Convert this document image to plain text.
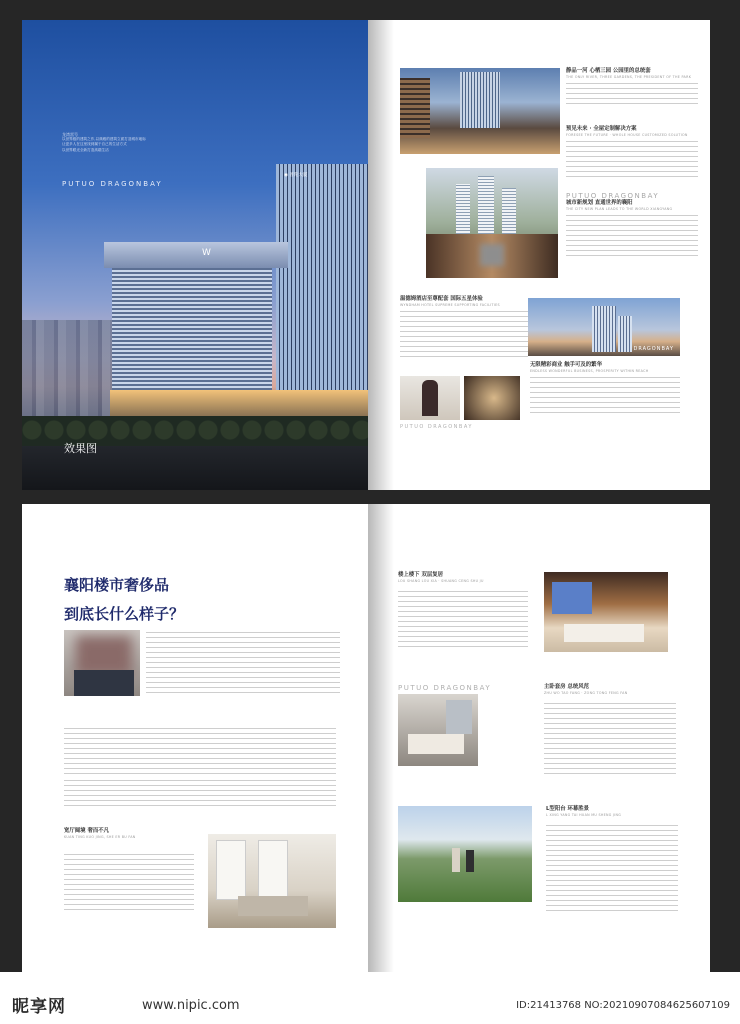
龙湾雷号
以世界级的建筑之作,以典雅的建筑立面打造城市地标
让更多人在这里找到属于自己的生活方式
以世界眼光全新打造高端生活
PUTUO DRAGONBAY
◉ 普陀大厦
W
效果图
静品一河 心栖三园 公园里的总统套
THE ONLY RIVER, THREE GARDENS, THE PRESIDENT OF THE PARK
预见未来 · 全屋定制解决方案
FORESEE THE FUTURE · WHOLE HOUSE CUSTOMIZED SOLUTION
PUTUO DRAGONBAY
城市新规划 直通世界的襄阳
THE CITY NEW PLAN LEADS TO THE WORLD XIANGYANG
温德姆酒店至尊配套 国际五星体验
WYNDHAM HOTEL SUPREME SUPPORTING FACILITIES
PUTUO DRAGONBAY
DRAGONBAY
无限精彩商业 触手可及的繁华
ENDLESS WONDERFUL BUSINESS, PROSPERITY WITHIN REACH
襄阳楼市奢侈品
到底长什么样子？
宽厅阔境 奢而不凡
KUAN TING KUO JING, SHE ER BU FAN
楼上楼下 双层复居
LOU SHANG LOU XIA · SHUANG CENG SHU JU
PUTUO DRAGONBAY	主卧套房 总统风范
ZHU WO TAO FANG · ZONG TONG FENG FAN
L型阳台 环幕胜景
L XING YANG TAI HUAN MU SHENG JING
昵享网	www.nipic.com	ID:21413768 NO:20210907084625607109
